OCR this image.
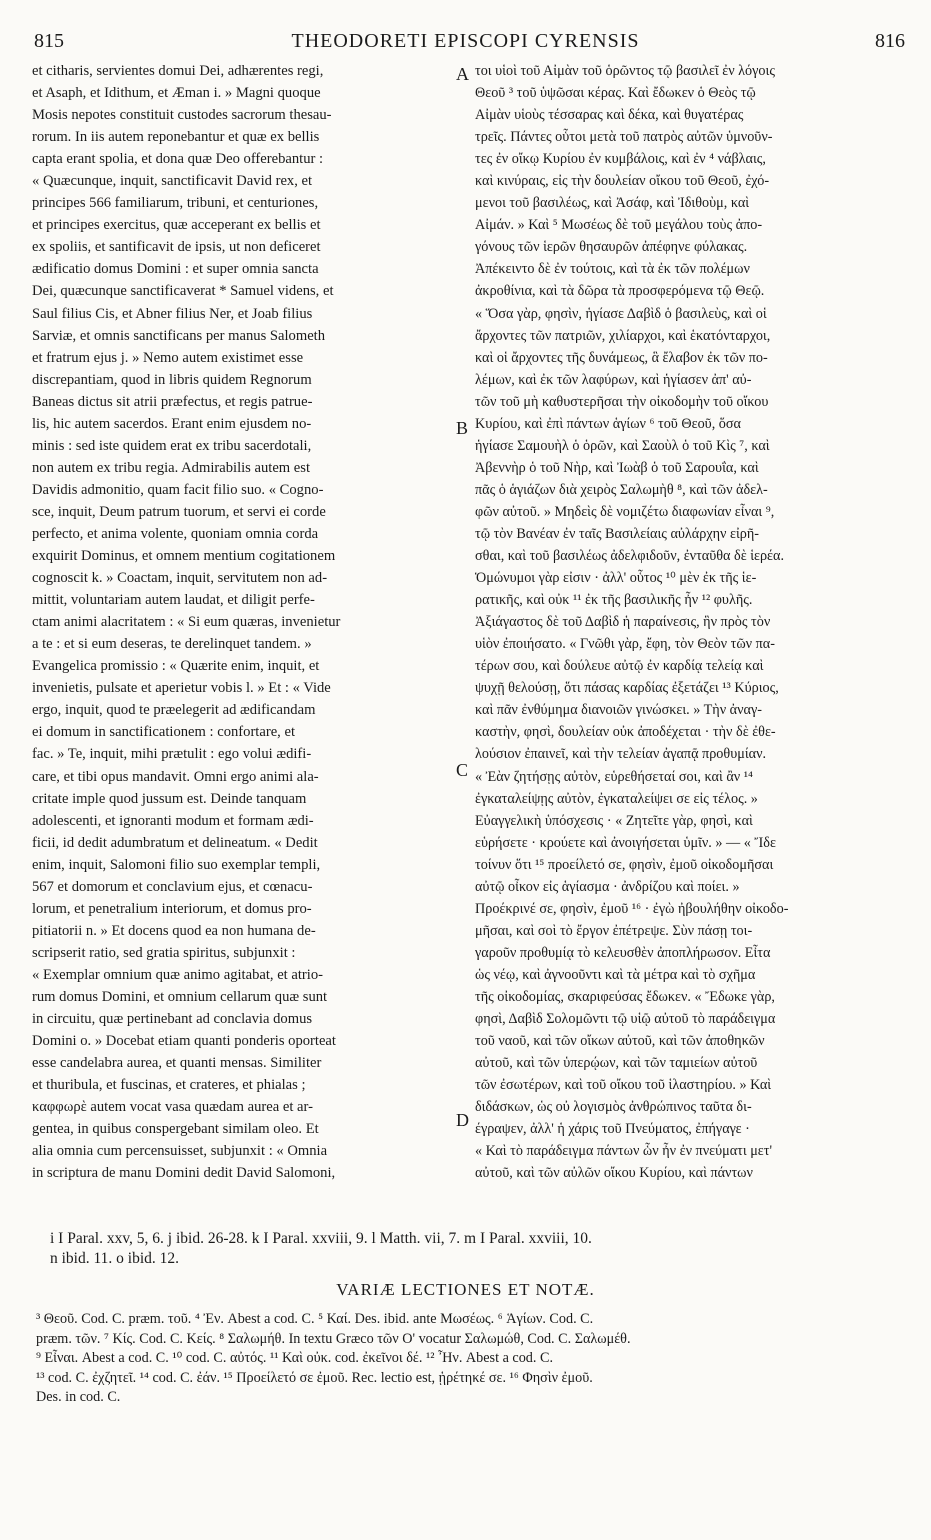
815	THEODORETI EPISCOPI CYRENSIS	816
et citharis, servientes domui Dei, adhærentes regi,
et Asaph, et Idithum, et Æman i. » Magni quoque
Mosis nepotes constituit custodes sacrorum thesau-
rorum. In iis autem reponebantur et quæ ex bellis
capta erant spolia, et dona quæ Deo offerebantur :
« Quæcunque, inquit, sanctificavit David rex, et
principes 566 familiarum, tribuni, et centuriones,
et principes exercitus, quæ acceperant ex bellis et
ex spoliis, et santificavit de ipsis, ut non deficeret
ædificatio domus Domini : et super omnia sancta
Dei, quæcunque sanctificaverat * Samuel videns, et
Saul filius Cis, et Abner filius Ner, et Joab filius
Sarviæ, et omnis sanctificans per manus Salometh
et fratrum ejus j. » Nemo autem existimet esse
discrepantiam, quod in libris quidem Regnorum
Baneas dictus sit atrii præfectus, et regis patrue-
lis, hic autem sacerdos. Erant enim ejusdem no-
minis : sed iste quidem erat ex tribu sacerdotali,
non autem ex tribu regia. Admirabilis autem est
Davidis admonitio, quam facit filio suo. « Cogno-
sce, inquit, Deum patrum tuorum, et servi ei corde
perfecto, et anima volente, quoniam omnia corda
exquirit Dominus, et omnem mentium cogitationem
cognoscit k. » Coactam, inquit, servitutem non ad-
mittit, voluntariam autem laudat, et diligit perfe-
ctam animi alacritatem : « Si eum quæras, invenietur
a te : et si eum deseras, te derelinquet tandem. »
Evangelica promissio : « Quærite enim, inquit, et
invenietis, pulsate et aperietur vobis l. » Et : « Vide
ergo, inquit, quod te præelegerit ad ædificandam
ei domum in sanctificationem : confortare, et
fac. » Te, inquit, mihi prætulit : ego volui ædifi-
care, et tibi opus mandavit. Omni ergo animi ala-
critate imple quod jussum est. Deinde tanquam
adolescenti, et ignoranti modum et formam ædi-
ficii, id dedit adumbratum et delineatum. « Dedit
enim, inquit, Salomoni filio suo exemplar templi,
567 et domorum et conclavium ejus, et cœnacu-
lorum, et penetralium interiorum, et domus pro-
pitiatorii n. » Et docens quod ea non humana de-
scripserit ratio, sed gratia spiritus, subjunxit :
« Exemplar omnium quæ animo agitabat, et atrio-
rum domus Domini, et omnium cellarum quæ sunt
in circuitu, quæ pertinebant ad conclavia domus
Domini o. » Docebat etiam quanti ponderis oporteat
esse candelabra aurea, et quanti mensas. Similiter
et thuribula, et fuscinas, et crateres, et phialas ;
καφφωρὲ autem vocat vasa quædam aurea et ar-
gentea, in quibus conspergebant similam oleo. Et
alia omnia cum percensuisset, subjunxit : « Omnia
in scriptura de manu Domini dedit David Salomoni,
τοι υἱοὶ τοῦ Αἰμὰν τοῦ ὁρῶντος τῷ βασιλεῖ ἐν λόγοις
Θεοῦ ³ τοῦ ὑψῶσαι κέρας. Καὶ ἔδωκεν ὁ Θεὸς τῷ
Αἰμὰν υἱοὺς τέσσαρας καὶ δέκα, καὶ θυγατέρας
τρεῖς. Πάντες οὗτοι μετὰ τοῦ πατρὸς αὐτῶν ὑμνοῦν-
τες ἐν οἴκῳ Κυρίου ἐν κυμβάλοις, καὶ ἐν ⁴ νάβλαις,
καὶ κινύραις, εἰς τὴν δουλείαν οἴκου τοῦ Θεοῦ, ἐχό-
μενοι τοῦ βασιλέως, καὶ Ἀσάφ, καὶ Ἰδιθοὺμ, καὶ
Αἰμάν. » Καὶ ⁵ Μωσέως δὲ τοῦ μεγάλου τοὺς ἀπο-
γόνους τῶν ἱερῶν θησαυρῶν ἀπέφηνε φύλακας.
Ἀπέκειντο δὲ ἐν τούτοις, καὶ τὰ ἐκ τῶν πολέμων
ἀκροθίνια, καὶ τὰ δῶρα τὰ προσφερόμενα τῷ Θεῷ.
« Ὅσα γὰρ, φησὶν, ἡγίασε Δαβὶδ ὁ βασιλεὺς, καὶ οἱ
ἄρχοντες τῶν πατριῶν, χιλίαρχοι, καὶ ἑκατόνταρχοι,
καὶ οἱ ἄρχοντες τῆς δυνάμεως, ἃ ἔλαβον ἐκ τῶν πο-
λέμων, καὶ ἐκ τῶν λαφύρων, καὶ ἡγίασεν ἀπ' αὐ-
τῶν τοῦ μὴ καθυστερῆσαι τὴν οἰκοδομὴν τοῦ οἴκου
Κυρίου, καὶ ἐπὶ πάντων ἁγίων ⁶ τοῦ Θεοῦ, ὅσα
ἡγίασε Σαμουὴλ ὁ ὁρῶν, καὶ Σαοὺλ ὁ τοῦ Κὶς ⁷, καὶ
Ἀβεννὴρ ὁ τοῦ Νὴρ, καὶ Ἰωὰβ ὁ τοῦ Σαρουΐα, καὶ
πᾶς ὁ ἁγιάζων διὰ χειρὸς Σαλωμὴθ ⁸, καὶ τῶν ἀδελ-
φῶν αὐτοῦ. » Μηδεὶς δὲ νομιζέτω διαφωνίαν εἶναι ⁹,
τῷ τὸν Βανέαν ἐν ταῖς Βασιλείαις αὐλάρχην εἰρῆ-
σθαι, καὶ τοῦ βασιλέως ἀδελφιδοῦν, ἐνταῦθα δὲ ἱερέα.
Ὁμώνυμοι γὰρ εἰσιν · ἀλλ' οὗτος ¹⁰ μὲν ἐκ τῆς ἱε-
ρατικῆς, καὶ οὐκ ¹¹ ἐκ τῆς βασιλικῆς ἦν ¹² φυλῆς.
Ἀξιάγαστος δὲ τοῦ Δαβὶδ ἡ παραίνεσις, ἣν πρὸς τὸν
υἱὸν ἐποιήσατο. « Γνῶθι γὰρ, ἔφη, τὸν Θεὸν τῶν πα-
τέρων σου, καὶ δούλευε αὐτῷ ἐν καρδίᾳ τελείᾳ καὶ
ψυχῇ θελούσῃ, ὅτι πάσας καρδίας ἐξετάζει ¹³ Κύριος,
καὶ πᾶν ἐνθύμημα διανοιῶν γινώσκει. » Τὴν ἀναγ-
καστὴν, φησὶ, δουλείαν οὐκ ἀποδέχεται · τὴν δὲ ἐθε-
λούσιον ἐπαινεῖ, καὶ τὴν τελείαν ἀγαπᾷ προθυμίαν.
« Ἐὰν ζητήσῃς αὐτὸν, εὑρεθήσεταί σοι, καὶ ἂν ¹⁴
ἐγκαταλείψῃς αὐτὸν, ἐγκαταλείψει σε εἰς τέλος. »
Εὐαγγελικὴ ὑπόσχεσις · « Ζητεῖτε γὰρ, φησὶ, καὶ
εὑρήσετε · κρούετε καὶ ἀνοιγήσεται ὑμῖν. » — « Ἴδε
τοίνυν ὅτι ¹⁵ προείλετό σε, φησὶν, ἐμοῦ οἰκοδομῆσαι
αὐτῷ οἶκον εἰς ἁγίασμα · ἀνδρίζου καὶ ποίει. »
Προέκρινέ σε, φησὶν, ἐμοῦ ¹⁶ · ἐγὼ ἠβουλήθην οἰκοδο-
μῆσαι, καὶ σοὶ τὸ ἔργον ἐπέτρεψε. Σὺν πάσῃ τοι-
γαροῦν προθυμίᾳ τὸ κελευσθὲν ἀποπλήρωσον. Εἶτα
ὡς νέῳ, καὶ ἀγνοοῦντι καὶ τὰ μέτρα καὶ τὸ σχῆμα
τῆς οἰκοδομίας, σκαριφεύσας ἔδωκεν. « Ἔδωκε γὰρ,
φησὶ, Δαβὶδ Σολομῶντι τῷ υἱῷ αὐτοῦ τὸ παράδειγμα
τοῦ ναοῦ, καὶ τῶν οἴκων αὐτοῦ, καὶ τῶν ἀποθηκῶν
αὐτοῦ, καὶ τῶν ὑπερῴων, καὶ τῶν ταμιείων αὐτοῦ
τῶν ἐσωτέρων, καὶ τοῦ οἴκου τοῦ ἱλαστηρίου. » Καὶ
διδάσκων, ὡς οὐ λογισμὸς ἀνθρώπινος ταῦτα δι-
έγραψεν, ἀλλ' ἡ χάρις τοῦ Πνεύματος, ἐπήγαγε ·
« Καὶ τὸ παράδειγμα πάντων ὧν ἦν ἐν πνεύματι μετ'
αὐτοῦ, καὶ τῶν αὐλῶν οἴκου Κυρίου, καὶ πάντων
A
B
C
D
i I Paral. xxv, 5, 6. j ibid. 26-28. k I Paral. xxviii, 9. l Matth. vii, 7. m I Paral. xxviii, 10.
n ibid. 11. o ibid. 12.
VARIÆ LECTIONES ET NOTÆ.
³ Θεοῦ. Cod. C. præm. τοῦ. ⁴ Ἐν. Abest a cod. C. ⁵ Καί. Des. ibid. ante Μωσέως. ⁶ Ἁγίων. Cod. C.
præm. τῶν. ⁷ Κίς. Cod. C. Κείς. ⁸ Σαλωμήθ. In textu Græco τῶν Ο' vocatur Σαλωμώθ, Cod. C. Σαλωμέθ.
⁹ Εἶναι. Abest a cod. C. ¹⁰ cod. C. αὐτός. ¹¹ Καὶ οὐκ. cod. ἐκεῖνοι δέ. ¹² Ἦν. Abest a cod. C.
¹³ cod. C. ἐχζητεῖ. ¹⁴ cod. C. ἐάν. ¹⁵ Προείλετό σε ἐμοῦ. Rec. lectio est, ᾑρέτηκέ σε. ¹⁶ Φησὶν ἐμοῦ.
Des. in cod. C.
